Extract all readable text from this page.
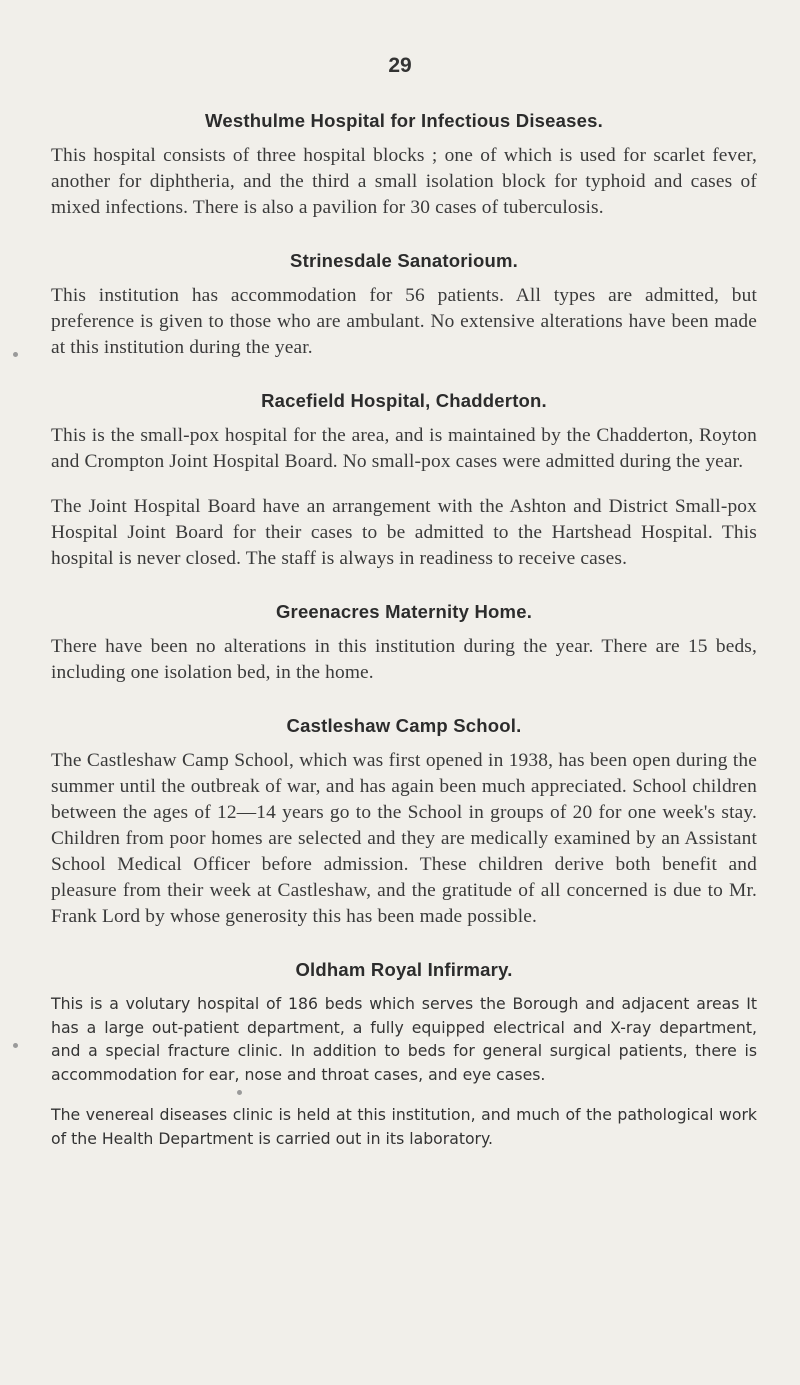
29
Westhulme Hospital for Infectious Diseases.

This hospital consists of three hospital blocks ; one of which is used for scarlet fever, another for diphtheria, and the third a small isolation block for typhoid and cases of mixed infections. There is also a pavilion for 30 cases of tuberculosis.

Strinesdale Sanatorioum.

This institution has accommodation for 56 patients. All types are admitted, but preference is given to those who are ambulant. No extensive alterations have been made at this institution during the year.

Racefield Hospital, Chadderton.

This is the small-pox hospital for the area, and is maintained by the Chadderton, Royton and Crompton Joint Hospital Board. No small-pox cases were admitted during the year.

The Joint Hospital Board have an arrangement with the Ashton and District Small-pox Hospital Joint Board for their cases to be admitted to the Hartshead Hospital. This hospital is never closed. The staff is always in readiness to receive cases.

Greenacres Maternity Home.

There have been no alterations in this institution during the year. There are 15 beds, including one isolation bed, in the home.

Castleshaw Camp School.

The Castleshaw Camp School, which was first opened in 1938, has been open during the summer until the outbreak of war, and has again been much appreciated. School children between the ages of 12—14 years go to the School in groups of 20 for one week's stay. Children from poor homes are selected and they are medically examined by an Assistant School Medical Officer before admission. These children derive both benefit and pleasure from their week at Castleshaw, and the gratitude of all concerned is due to Mr. Frank Lord by whose generosity this has been made possible.

Oldham Royal Infirmary.

This is a volutary hospital of 186 beds which serves the Borough and adjacent areas It has a large out-patient department, a fully equipped electrical and X-ray department, and a special fracture clinic. In addition to beds for general surgical patients, there is accommodation for ear, nose and throat cases, and eye cases.

The venereal diseases clinic is held at this institution, and much of the pathological work of the Health Department is carried out in its laboratory.
